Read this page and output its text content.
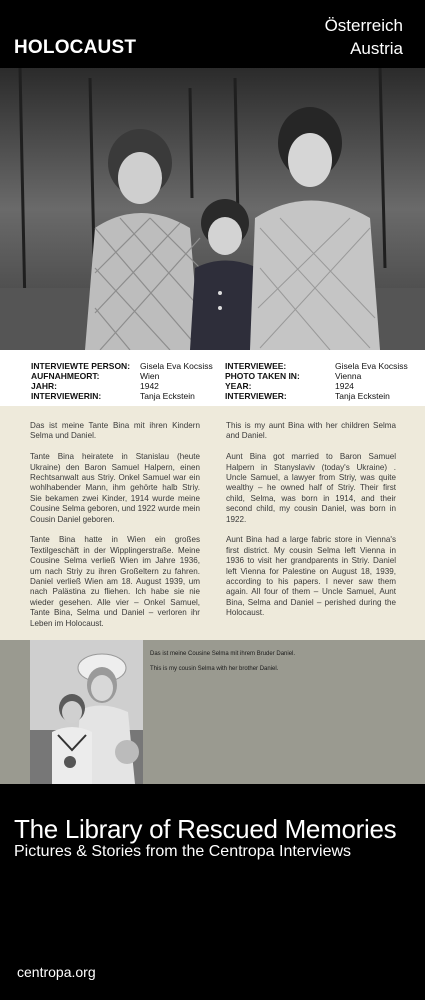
HOLOCAUST
Österreich
Austria
INTERVIEWTE PERSON: Gisela Eva Kocsiss INTERVIEWEE:	Gisela Eva Kocsiss
AUFNAHMEORT:	Wien	PHOTO TAKEN IN:	Vienna
JAHR:	1942	YEAR:	1924
INTERVIEWERIN:	Tanja Eckstein	INTERVIEWER:	Tanja Eckstein

Das ist meine Tante Bina mit ihren Kindern Selma und Daniel.

Tante Bina heiratete in Stanislau (heute Ukraine) den Baron Samuel Halpern, einen Rechtsanwalt aus Striy. Onkel Samuel war ein wohlhabender Mann, ihm gehörte halb Striy. Sie bekamen zwei Kinder, 1914 wurde meine Cousine Selma geboren, und 1922 wurde mein Cousin Daniel geboren.

Tante Bina hatte in Wien ein großes Textilgeschäft in der Wipplingerstraße. Meine Cousine Selma verließ Wien im Jahre 1936, um nach Striy zu ihren Großeltern zu fahren. Daniel verließ Wien am 18. August 1939, um nach Palästina zu fliehen. Ich habe sie nie wieder gesehen. Alle vier – Onkel Samuel, Tante Bina, Selma und Daniel – verloren ihr Leben im Holocaust.

This is my aunt Bina with her children Selma and Daniel.

Aunt Bina got married to Baron Samuel Halpern in Stanyslaviv (today's Ukraine) . Uncle Samuel, a lawyer from Striy, was quite wealthy – he owned half of Striy. Their first child, Selma, was born in 1914, and their second child, my cousin Daniel, was born in 1922.

Aunt Bina had a large fabric store in Vienna's first district. My cousin Selma left Vienna in 1936 to visit her grandparents in Striy. Daniel left Vienna for Palestine on August 18, 1939, according to his papers. I never saw them again. All four of them – Uncle Samuel, Aunt Bina, Selma and Daniel – perished during the Holocaust.

Das ist meine Cousine Selma mit ihrem Bruder Daniel.
This is my cousin Selma with her brother Daniel.
The Library of Rescued Memories
Pictures & Stories from the Centropa Interviews
centropa.org
